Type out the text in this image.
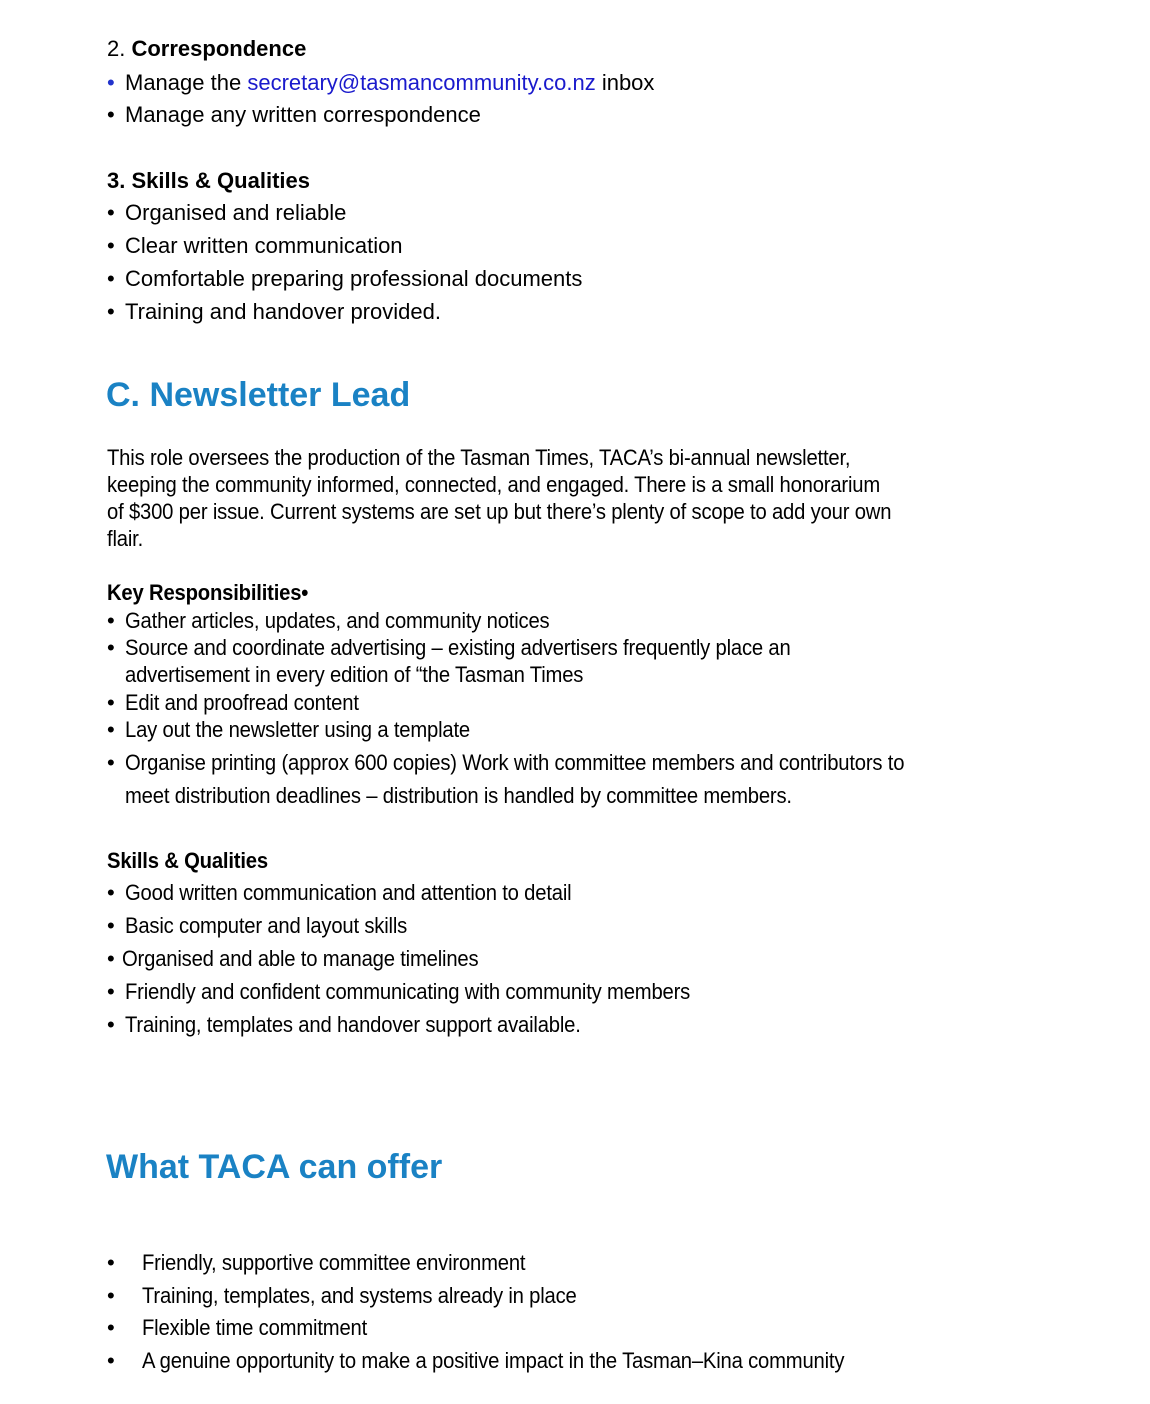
2. Correspondence
• Manage the secretary@tasmancommunity.co.nz inbox
• Manage any written correspondence
3. Skills & Qualities
• Organised and reliable
• Clear written communication
• Comfortable preparing professional documents
• Training and handover provided.
C. Newsletter Lead
This role oversees the production of the Tasman Times, TACA’s bi-annual newsletter,
keeping the community informed, connected, and engaged. There is a small honorarium
of $300 per issue. Current systems are set up but there’s plenty of scope to add your own
flair.
Key Responsibilities•
• Gather articles, updates, and community notices
• Source and coordinate advertising – existing advertisers frequently place an
advertisement in every edition of “the Tasman Times
• Edit and proofread content
• Lay out the newsletter using a template
• Organise printing (approx 600 copies) Work with committee members and contributors to
meet distribution deadlines – distribution is handled by committee members.
Skills & Qualities
• Good written communication and attention to detail
• Basic computer and layout skills
• Organised and able to manage timelines
• Friendly and confident communicating with community members
• Training, templates and handover support available.
What TACA can offer
• Friendly, supportive committee environment
• Training, templates, and systems already in place
• Flexible time commitment
• A genuine opportunity to make a positive impact in the Tasman–Kina community
